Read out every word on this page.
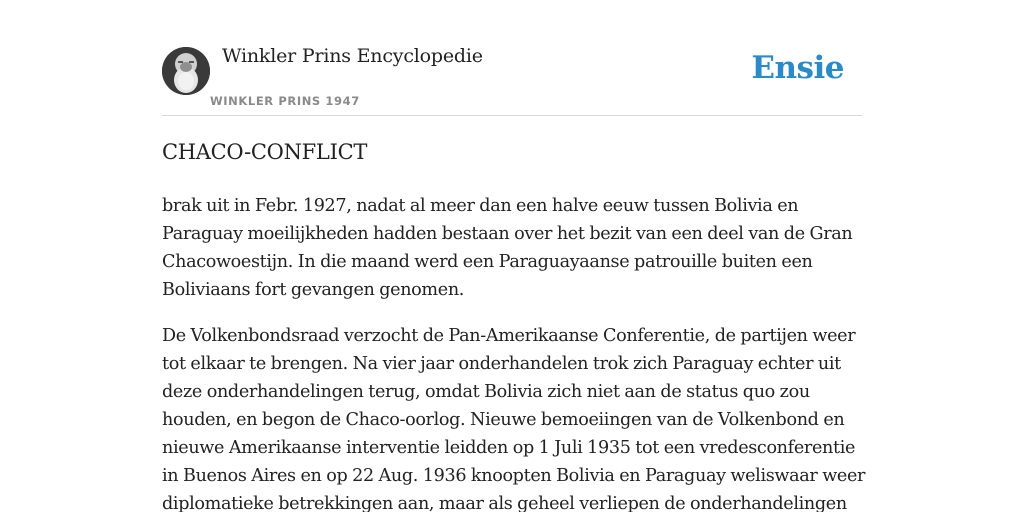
Winkler Prins Encyclopedie
WINKLER PRINS 1947
Ensie
CHACO-CONFLICT

brak uit in Febr. 1927, nadat al meer dan een halve eeuw tussen Bolivia en
Paraguay moeilijkheden hadden bestaan over het bezit van een deel van de Gran
Chacowoestijn. In die maand werd een Paraguayaanse patrouille buiten een
Boliviaans fort gevangen genomen.

De Volkenbondsraad verzocht de Pan-Amerikaanse Conferentie, de partijen weer
tot elkaar te brengen. Na vier jaar onderhandelen trok zich Paraguay echter uit
deze onderhandelingen terug, omdat Bolivia zich niet aan de status quo zou
houden, en begon de Chaco-oorlog. Nieuwe bemoeiingen van de Volkenbond en
nieuwe Amerikaanse interventie leidden op 1 Juli 1935 tot een vredesconferentie
in Buenos Aires en op 22 Aug. 1936 knoopten Bolivia en Paraguay weliswaar weer
diplomatieke betrekkingen aan, maar als geheel verliepen de onderhandelingen
